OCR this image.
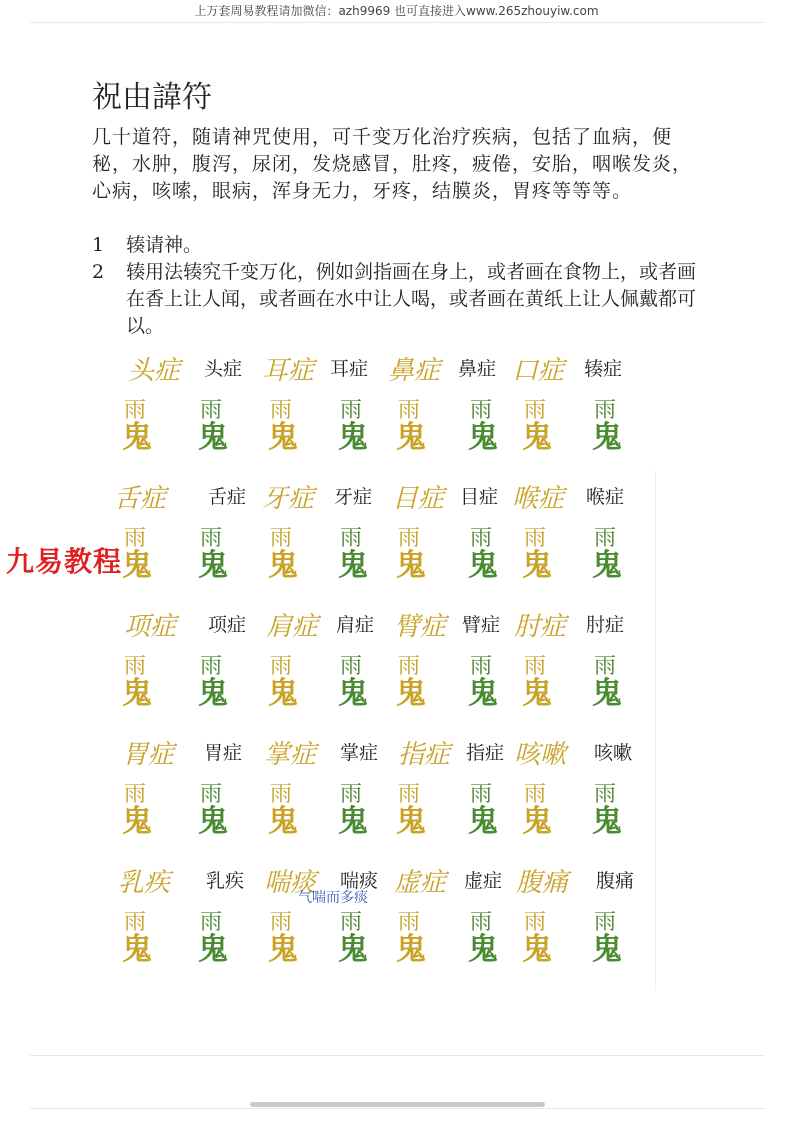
上万套周易教程请加微信：azh9969 也可直接进入www.265zhouyiw.com
祝由諱符
几十道符，随请神咒使用，可千变万化治疗疾病，包括了血病，便秘，水肿，腹泻，尿闭，发烧感冒，肚疼，疲倦，安胎，咽喉发炎，心病，咳嗦，眼病，浑身无力，牙疼，结膜炎，胃疼等等等。
1 辏请神。
2 辏用法辏究千变万化，例如剑指画在身上，或者画在食物上，或者画在香上让人闻，或者画在水中让人喝，或者画在黄纸上让人佩戴都可以。
九易教程
头症 头症 耳症 耳症 鼻症 鼻症 口症 辏症
雨
鬼
雨
鬼
雨
鬼
雨
鬼
雨
鬼
雨
鬼
雨
鬼
雨
鬼
舌症 舌症 牙症 牙症 目症 目症 喉症 喉症
雨
鬼
雨
鬼
雨
鬼
雨
鬼
雨
鬼
雨
鬼
雨
鬼
雨
鬼
项症 项症 肩症 肩症 臂症 臂症 肘症 肘症
雨
鬼
雨
鬼
雨
鬼
雨
鬼
雨
鬼
雨
鬼
雨
鬼
雨
鬼
胃症 胃症 掌症 掌症 指症 指症 咳嗽 咳嗽
雨
鬼
雨
鬼
雨
鬼
雨
鬼
雨
鬼
雨
鬼
雨
鬼
雨
鬼
乳疾 乳疾 喘痰 喘痰 虚症 虚症 腹痛 腹痛
雨
鬼
雨
鬼
雨
鬼
雨
鬼
雨
鬼
雨
鬼
雨
鬼
雨
鬼
气喘而多痰
